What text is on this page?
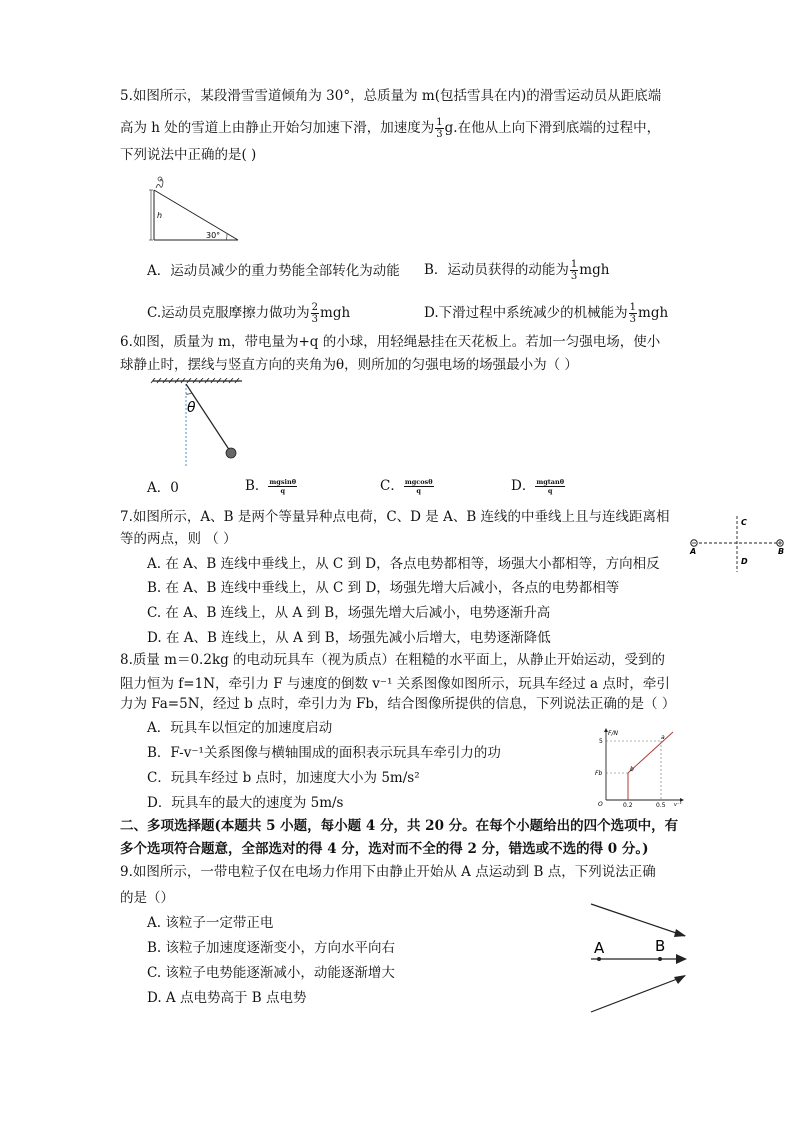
5.如图所示，某段滑雪雪道倾角为 30°，总质量为 m(包括雪具在内)的滑雪运动员从距底端
高为 h 处的雪道上由静止开始匀加速下滑，加速度为 $\frac{1}{3} g$.在他从上向下滑到底端的过程中，
下列说法中正确的是( )
h
30°
A．运动员减少的重力势能全部转化为动能 B．运动员获得的动能为 $\frac{1}{3}$ mgh
C.运动员克服摩擦力做功为 $\frac{2}{3}$ mgh	D.下滑过程中系统减少的机械能为 $\frac{1}{3}$ mgh
6.如图，质量为 m，带电量为+q 的小球，用轻绳悬挂在天花板上。若加一匀强电场，使小
球静止时，摆线与竖直方向的夹角为θ，则所加的匀强电场的场强最小为（ ）
θ
A．0	B． $\frac{mgsin\theta}{q}$	C． $\frac{mgcos\theta}{q}$	D． $\frac{mgtan\theta}{q}$
7.如图所示，A、B 是两个等量异种点电荷，C、D 是 A、B 连线的中垂线上且与连线距离相
等的两点，则 （ ）
A. 在 A、B 连线中垂线上，从 C 到 D，各点电势都相等，场强大小都相等，方向相反
B. 在 A、B 连线中垂线上，从 C 到 D，场强先增大后减小，各点的电势都相等
C. 在 A、B 连线上，从 A 到 B，场强先增大后减小，电势逐渐升高
D. 在 A、B 连线上，从 A 到 B，场强先减小后增大，电势逐渐降低
A	B
C
D
8.质量 m＝0.2kg 的电动玩具车（视为质点）在粗糙的水平面上，从静止开始运动，受到的
阻力恒为 f=1N，牵引力 F 与速度的倒数 v⁻¹ 关系图像如图所示，玩具车经过 a 点时，牵引
力为 Fa=5N，经过 b 点时，牵引力为 Fb，结合图像所提供的信息，下列说法正确的是（ ）
A．玩具车以恒定的加速度启动
B．F-v⁻¹关系图像与横轴围成的面积表示玩具车牵引力的功
C．玩具车经过 b 点时，加速度大小为 5m/s²
D．玩具车的最大的速度为 5m/s
F/N
5
Fb
O	0.2	0.5 v⁻¹
a
b
二、多项选择题(本题共 5 小题，每小题 4 分，共 20 分。在每个小题给出的四个选项中，有
多个选项符合题意，全部选对的得 4 分，选对而不全的得 2 分，错选或不选的得 0 分。)
9.如图所示，一带电粒子仅在电场力作用下由静止开始从 A 点运动到 B 点，下列说法正确
的是（）
A. 该粒子一定带正电
B. 该粒子加速度逐渐变小，方向水平向右
C. 该粒子电势能逐渐减小，动能逐渐增大
D. A 点电势高于 B 点电势
A	B
